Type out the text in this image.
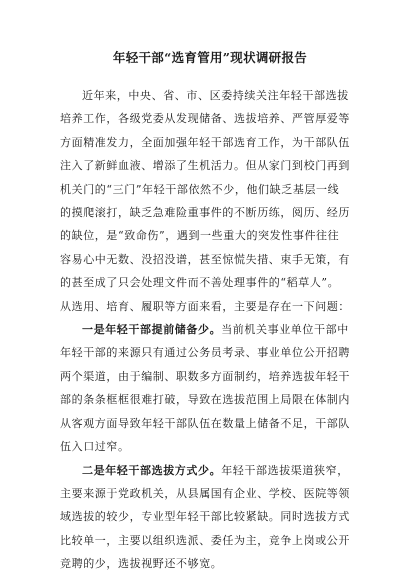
年轻干部“选育管用”现状调研报告

近年来，中央、省、市、区委持续关注年轻干部选拔

培养工作，各级党委从发现储备、选拔培养、严管厚爱等

方面精准发力，全面加强年轻干部选育工作，为干部队伍

注入了新鲜血液、增添了生机活力。但从家门到校门再到

机关门的“三门”年轻干部依然不少，他们缺乏基层一线

的摸爬滚打，缺乏急难险重事件的不断历练，阅历、经历

的缺位，是“致命伤”，遇到一些重大的突发性事件往往

容易心中无数、没招没谱，甚至惊慌失措、束手无策，有

的甚至成了只会处理文件而不善处理事件的“稻草人”。

从选用、培育、履职等方面来看，主要是存在一下问题：

一是年轻干部提前储备少。当前机关事业单位干部中

年轻干部的来源只有通过公务员考录、事业单位公开招聘

两个渠道，由于编制、职数多方面制约，培养选拔年轻干

部的条条框框很难打破，导致在选拔范围上局限在体制内

从客观方面导致年轻干部队伍在数量上储备不足，干部队

伍入口过窄。

二是年轻干部选拔方式少。年轻干部选拔渠道狭窄，

主要来源于党政机关，从县属国有企业、学校、医院等领

域选拔的较少，专业型年轻干部比较紧缺。同时选拔方式

比较单一，主要以组织选派、委任为主，竞争上岗或公开

竞聘的少，选拔视野还不够宽。
